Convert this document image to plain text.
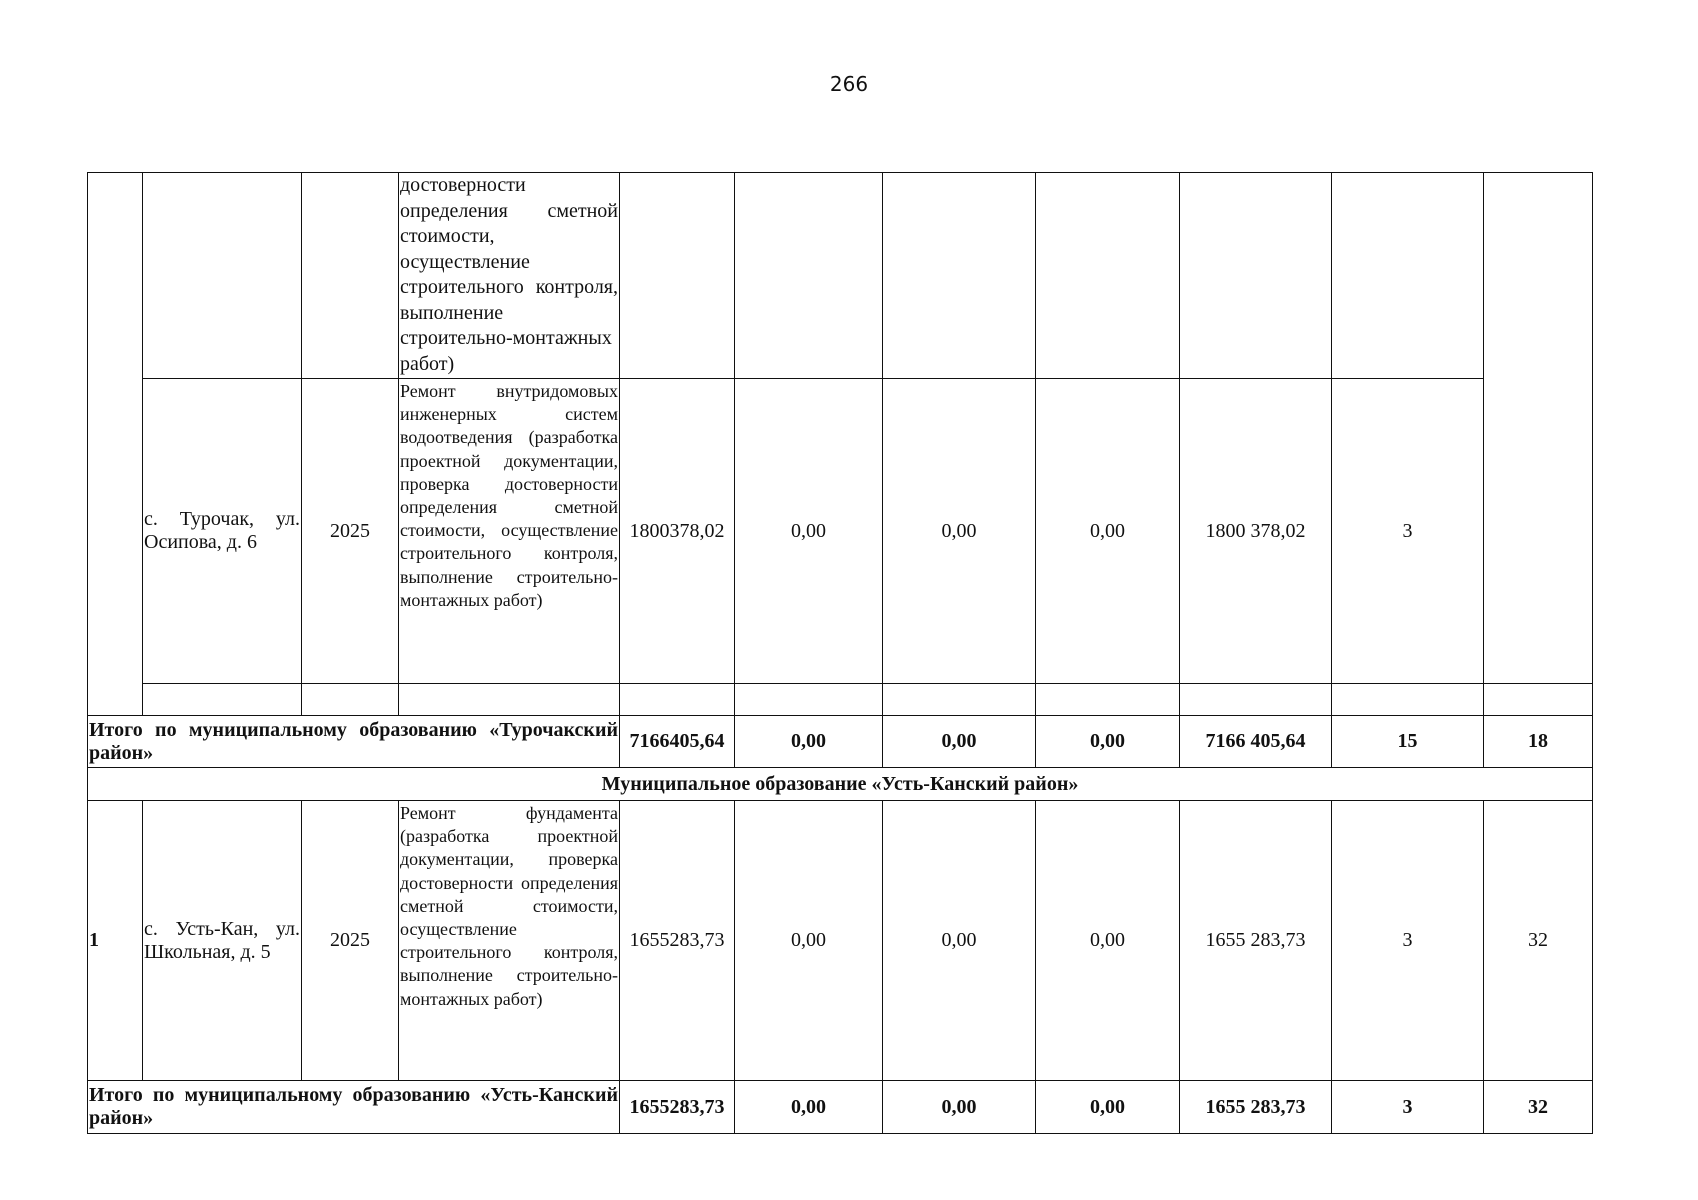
266
			достоверности определения сметной стоимости, осуществление строительного контроля, выполнение строительно-монтажных работ)							
	с. Турочак, ул. Осипова, д. 6	2025	Ремонт внутридомовых инженерных систем водоотведения (разработка проектной документации, проверка достоверности определения сметной стоимости, осуществление строительного контроля, выполнение строительно-монтажных работ)	1800378,02	0,00	0,00	0,00	1800 378,02	3	

Итого по муниципальному образованию «Турочакский район»				7166405,64	0,00	0,00	0,00	7166 405,64	15	18
Муниципальное образование «Усть-Канский район»										
1	с. Усть-Кан, ул. Школьная, д. 5	2025	Ремонт фундамента (разработка проектной документации, проверка достоверности определения сметной стоимости, осуществление строительного контроля, выполнение строительно-монтажных работ)	1655283,73	0,00	0,00	0,00	1655 283,73	3	32
Итого по муниципальному образованию «Усть-Канский район»				1655283,73	0,00	0,00	0,00	1655 283,73	3	32
